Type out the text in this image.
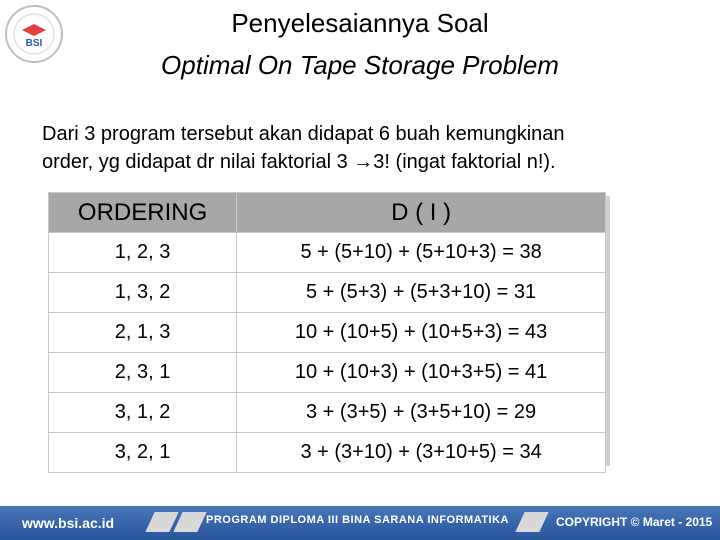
BSI
Penyelesaiannya Soal
Optimal On Tape Storage Problem
Dari 3 program tersebut akan didapat 6 buah kemungkinan
order, yg didapat dr nilai faktorial 3 →3! (ingat faktorial n!).
ORDERING	D ( I )
1, 2, 3	5 + (5+10) + (5+10+3) = 38
1, 3, 2	5 + (5+3) + (5+3+10) = 31
2, 1, 3	10 + (10+5) + (10+5+3) = 43
2, 3, 1	10 + (10+3) + (10+3+5) = 41
3, 1, 2	3 + (3+5) + (3+5+10) = 29
3, 2, 1	3 + (3+10) + (3+10+5) = 34
www.bsi.ac.id	PROGRAM DIPLOMA III BINA SARANA INFORMATIKA	COPYRIGHT © Maret - 2015
